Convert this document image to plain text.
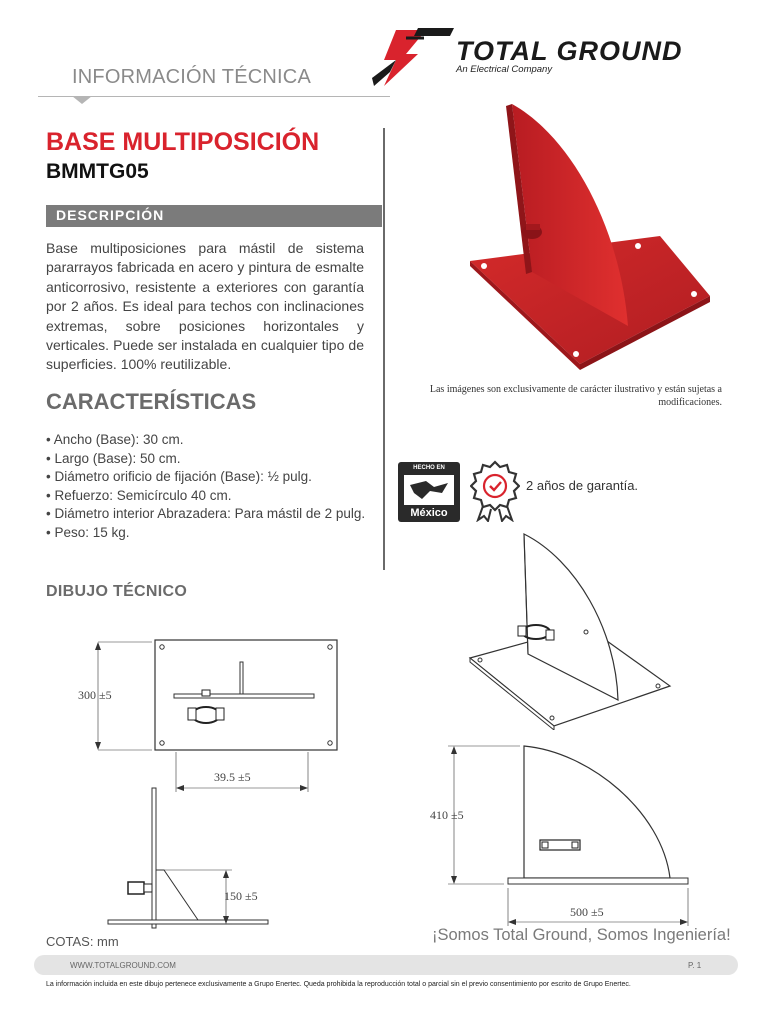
INFORMACIÓN TÉCNICA
TOTAL GROUND
An Electrical Company
BASE MULTIPOSICIÓN
BMMTG05
DESCRIPCIÓN
Base multiposiciones para mástil de sistema pararrayos fabricada en acero y pintura de esmalte anticorrosivo, resistente a exteriores con garantía por 2 años. Es ideal para techos con inclinaciones extremas, sobre posiciones horizontales y verticales. Puede ser instalada en cualquier tipo de superficies. 100% reutilizable.
CARACTERÍSTICAS
• Ancho (Base): 30 cm.
• Largo (Base): 50 cm.
• Diámetro orificio de fijación (Base): ½ pulg.
• Refuerzo: Semicírculo 40 cm.
• Diámetro interior Abrazadera: Para mástil de 2 pulg.
• Peso: 15 kg.
DIBUJO TÉCNICO
Las imágenes son exclusivamente de carácter ilustrativo y están sujetas a modificaciones.
HECHO EN
México
2 años de garantía.
300 ±5
39.5 ±5
150 ±5
410 ±5
500 ±5
COTAS: mm	¡Somos Total Ground, Somos Ingeniería!
WWW.TOTALGROUND.COM	P. 1
La información incluida en este dibujo pertenece exclusivamente a Grupo Enertec. Queda prohibida la reproducción total o parcial sin el previo consentimiento por escrito de Grupo Enertec.
